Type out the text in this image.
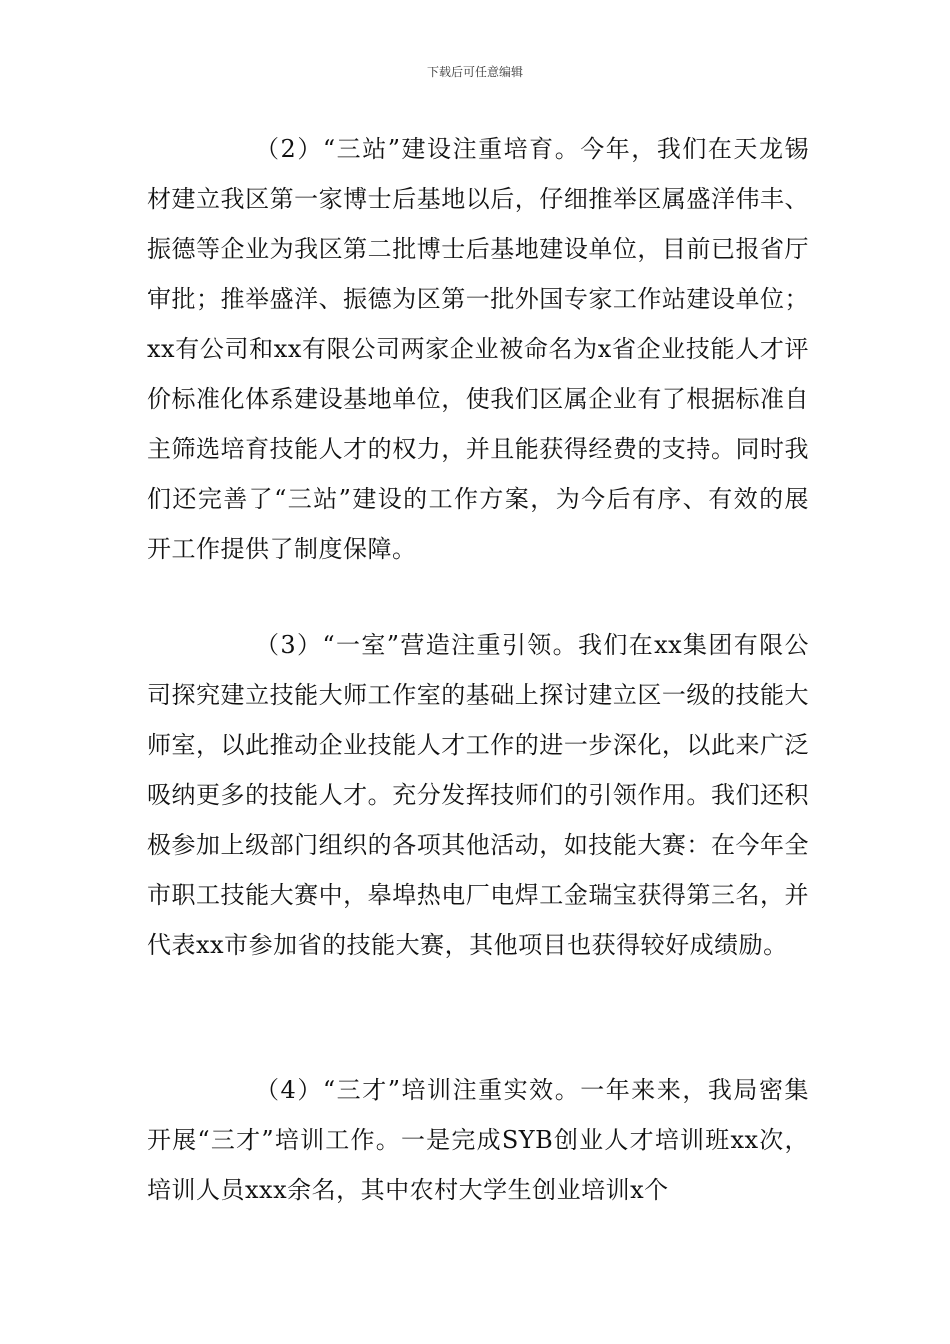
下载后可任意编辑

（2）“三站”建设注重培育。今年，我们在天龙锡材建立我区第一家博士后基地以后，仔细推举区属盛洋伟丰、振德等企业为我区第二批博士后基地建设单位，目前已报省厅审批；推举盛洋、振德为区第一批外国专家工作站建设单位；xx有公司和xx有限公司两家企业被命名为x省企业技能人才评价标准化体系建设基地单位，使我们区属企业有了根据标准自主筛选培育技能人才的权力，并且能获得经费的支持。同时我们还完善了“三站”建设的工作方案，为今后有序、有效的展开工作提供了制度保障。

（3）“一室”营造注重引领。我们在xx集团有限公司探究建立技能大师工作室的基础上探讨建立区一级的技能大师室，以此推动企业技能人才工作的进一步深化，以此来广泛吸纳更多的技能人才。充分发挥技师们的引领作用。我们还积极参加上级部门组织的各项其他活动，如技能大赛：在今年全市职工技能大赛中，皋埠热电厂电焊工金瑞宝获得第三名，并代表xx市参加省的技能大赛，其他项目也获得较好成绩励。

（4）“三才”培训注重实效。一年来来，我局密集开展“三才”培训工作。一是完成SYB创业人才培训班xx次，培训人员xxx余名，其中农村大学生创业培训x个
